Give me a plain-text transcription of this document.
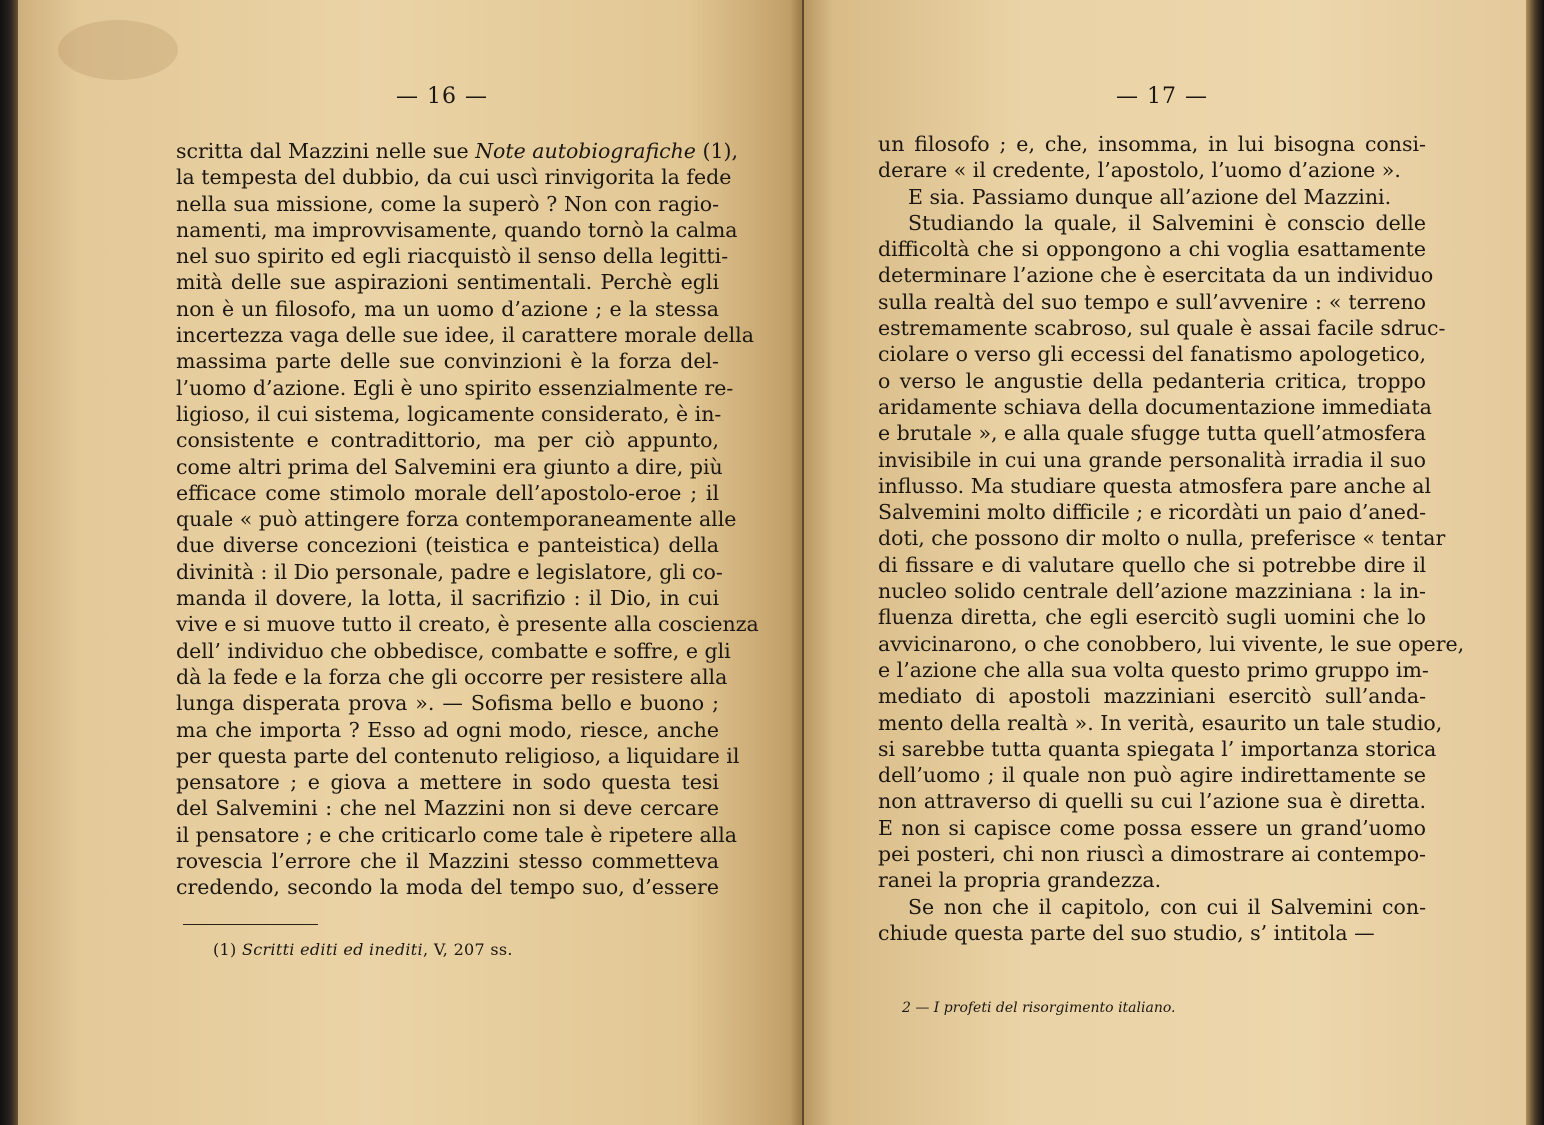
— 16 —
scritta dal Mazzini nelle sue Note autobiografiche (1),
la tempesta del dubbio, da cui uscì rinvigorita la fede
nella sua missione, come la superò ? Non con ragio-
namenti, ma improvvisamente, quando tornò la calma
nel suo spirito ed egli riacquistò il senso della legitti-
mità delle sue aspirazioni sentimentali. Perchè egli
non è un filosofo, ma un uomo d’azione ; e la stessa
incertezza vaga delle sue idee, il carattere morale della
massima parte delle sue convinzioni è la forza del-
l’uomo d’azione. Egli è uno spirito essenzialmente re-
ligioso, il cui sistema, logicamente considerato, è in-
consistente e contradittorio, ma per ciò appunto,
come altri prima del Salvemini era giunto a dire, più
efficace come stimolo morale dell’apostolo-eroe ; il
quale « può attingere forza contemporaneamente alle
due diverse concezioni (teistica e panteistica) della
divinità : il Dio personale, padre e legislatore, gli co-
manda il dovere, la lotta, il sacrifizio : il Dio, in cui
vive e si muove tutto il creato, è presente alla coscienza
dell’ individuo che obbedisce, combatte e soffre, e gli
dà la fede e la forza che gli occorre per resistere alla
lunga disperata prova ». — Sofisma bello e buono ;
ma che importa ? Esso ad ogni modo, riesce, anche
per questa parte del contenuto religioso, a liquidare il
pensatore ; e giova a mettere in sodo questa tesi
del Salvemini : che nel Mazzini non si deve cercare
il pensatore ; e che criticarlo come tale è ripetere alla
rovescia l’errore che il Mazzini stesso commetteva
credendo, secondo la moda del tempo suo, d’essere
(1) Scritti editi ed inediti, V, 207 ss.
— 17 —
un filosofo ; e, che, insomma, in lui bisogna consi-
derare « il credente, l’apostolo, l’uomo d’azione ».
E sia. Passiamo dunque all’azione del Mazzini.
Studiando la quale, il Salvemini è conscio delle
difficoltà che si oppongono a chi voglia esattamente
determinare l’azione che è esercitata da un individuo
sulla realtà del suo tempo e sull’avvenire : « terreno
estremamente scabroso, sul quale è assai facile sdruc-
ciolare o verso gli eccessi del fanatismo apologetico,
o verso le angustie della pedanteria critica, troppo
aridamente schiava della documentazione immediata
e brutale », e alla quale sfugge tutta quell’atmosfera
invisibile in cui una grande personalità irradia il suo
influsso. Ma studiare questa atmosfera pare anche al
Salvemini molto difficile ; e ricordàti un paio d’aned-
doti, che possono dir molto o nulla, preferisce « tentar
di fissare e di valutare quello che si potrebbe dire il
nucleo solido centrale dell’azione mazziniana : la in-
fluenza diretta, che egli esercitò sugli uomini che lo
avvicinarono, o che conobbero, lui vivente, le sue opere,
e l’azione che alla sua volta questo primo gruppo im-
mediato di apostoli mazziniani esercitò sull’anda-
mento della realtà ». In verità, esaurito un tale studio,
si sarebbe tutta quanta spiegata l’ importanza storica
dell’uomo ; il quale non può agire indirettamente se
non attraverso di quelli su cui l’azione sua è diretta.
E non si capisce come possa essere un grand’uomo
pei posteri, chi non riuscì a dimostrare ai contempo-
ranei la propria grandezza.
Se non che il capitolo, con cui il Salvemini con-
chiude questa parte del suo studio, s’ intitola —
2 — I profeti del risorgimento italiano.
